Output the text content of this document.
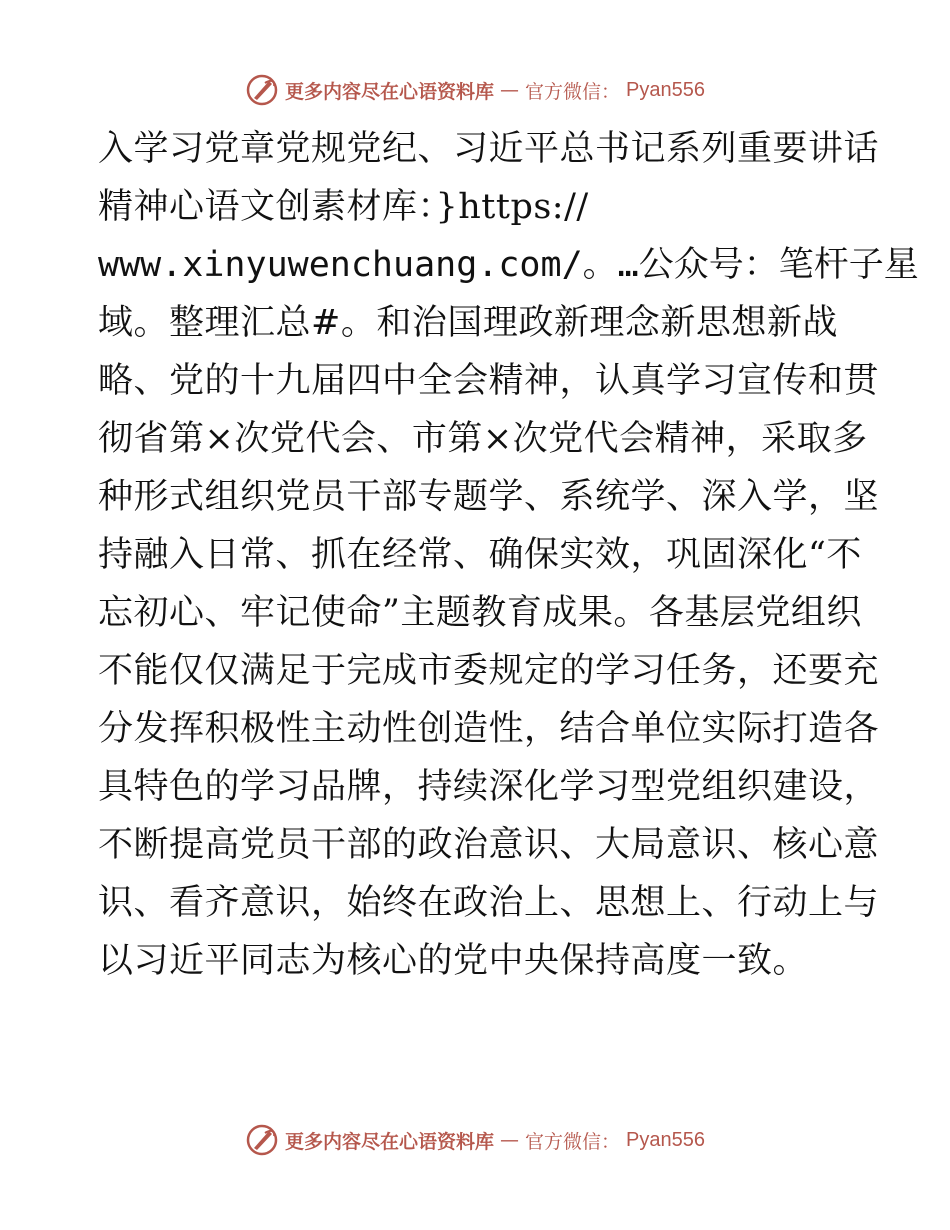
更多内容尽在心语资料库 — 官方微信： Pyan556
入学习党章党规党纪、习近平总书记系列重要讲话
精神心语文创素材库：}https://
www.xinyuwenchuang.com/。…公众号：笔杆子星
域。整理汇总#。和治国理政新理念新思想新战
略、党的十九届四中全会精神，认真学习宣传和贯
彻省第×次党代会、市第×次党代会精神，采取多
种形式组织党员干部专题学、系统学、深入学，坚
持融入日常、抓在经常、确保实效，巩固深化“不
忘初心、牢记使命”主题教育成果。各基层党组织
不能仅仅满足于完成市委规定的学习任务，还要充
分发挥积极性主动性创造性，结合单位实际打造各
具特色的学习品牌，持续深化学习型党组织建设，
不断提高党员干部的政治意识、大局意识、核心意
识、看齐意识，始终在政治上、思想上、行动上与
以习近平同志为核心的党中央保持高度一致。
更多内容尽在心语资料库 — 官方微信： Pyan556
